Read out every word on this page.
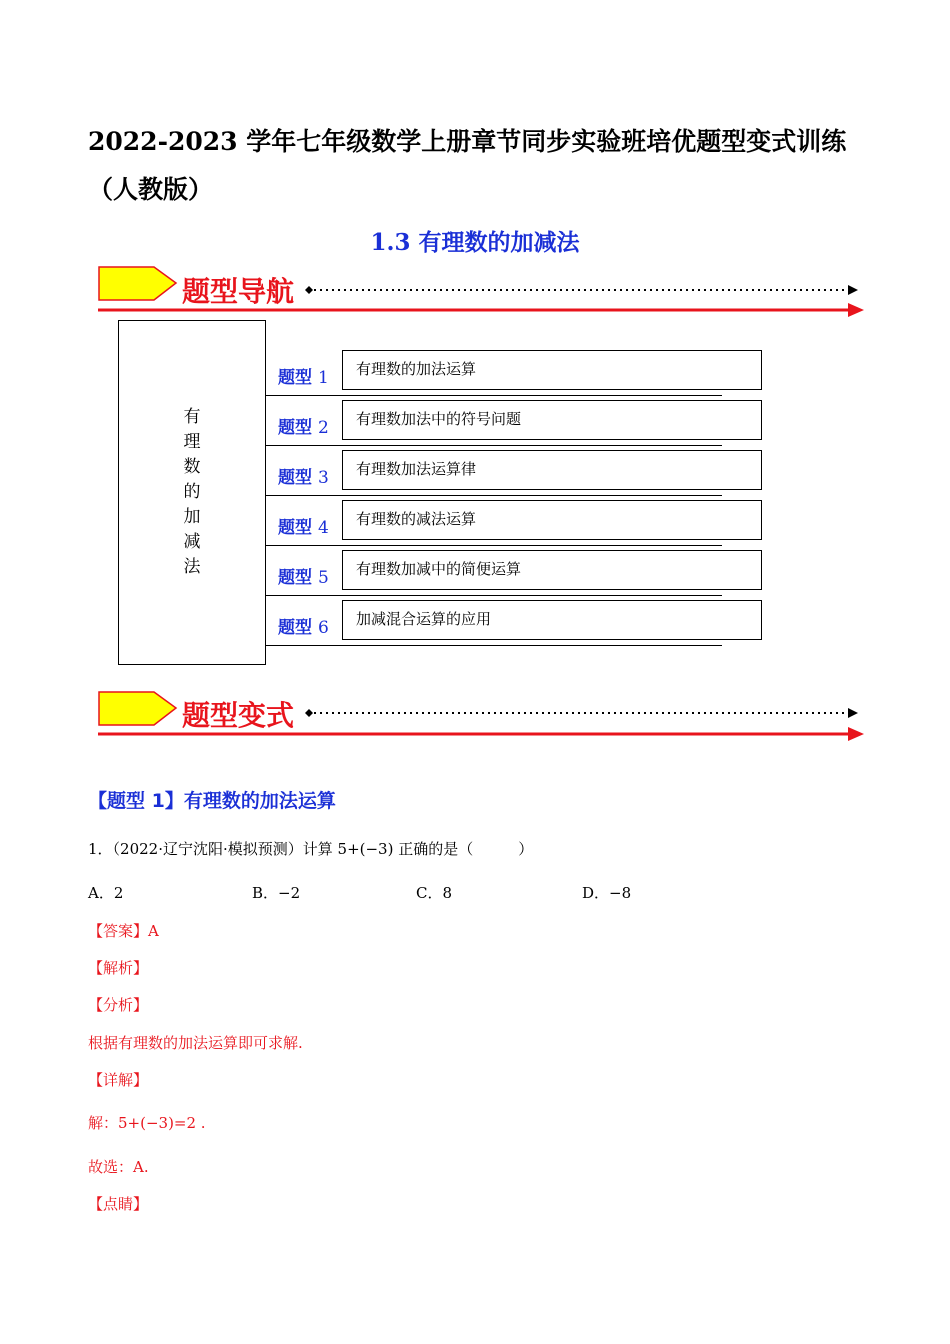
2022-2023 学年七年级数学上册章节同步实验班培优题型变式训练（人教版）
1.3 有理数的加减法
题型导航
有
理
数
的
加
减
法
题型 1	有理数的加法运算
题型 2	有理数加法中的符号问题
题型 3	有理数加法运算律
题型 4	有理数的减法运算
题型 5	有理数加减中的简便运算
题型 6	加减混合运算的应用
题型变式
【题型 1】有理数的加法运算
1．（2022·辽宁沈阳·模拟预测）计算 5+(−3) 正确的是（　　　）
A．2	B．−2	C．8	D．−8
【答案】A
【解析】
【分析】
根据有理数的加法运算即可求解.
【详解】
解：5+(−3)=2 .
故选：A.
【点睛】
